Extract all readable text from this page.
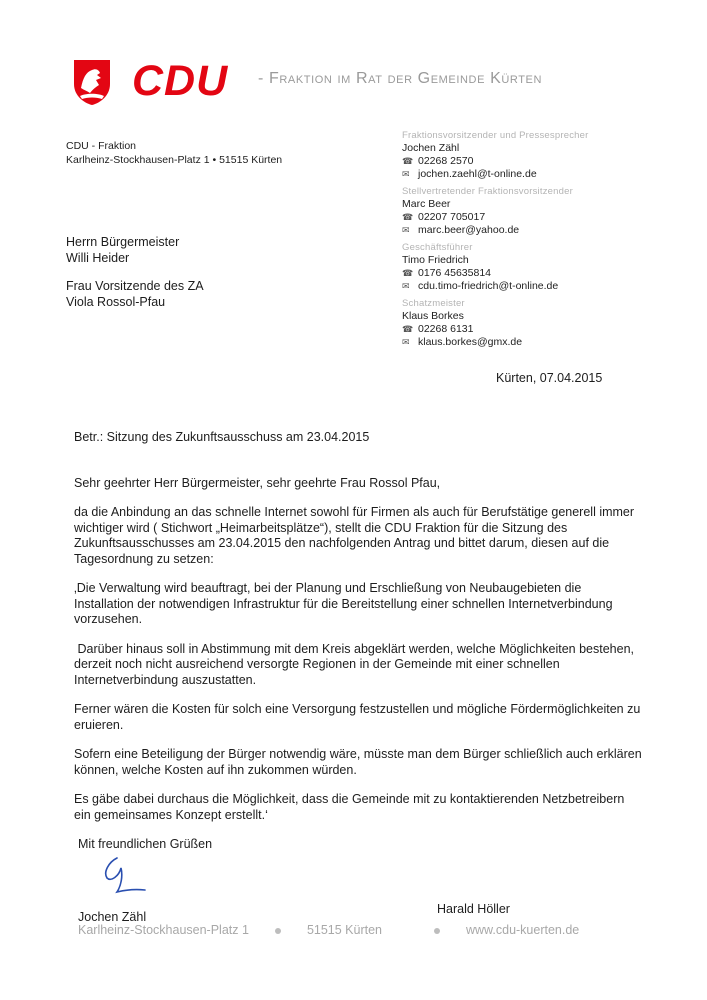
CDU - Fraktion im Rat der Gemeinde Kürten
CDU - Fraktion
Karlheinz-Stockhausen-Platz 1 • 51515 Kürten
Herrn Bürgermeister
Willi Heider
Frau Vorsitzende des ZA
Viola Rossol-Pfau
Fraktionsvorsitzender und Pressesprecher
Jochen Zähl
☎ 02268 2570
✉ jochen.zaehl@t-online.de
Stellvertretender Fraktionsvorsitzender
Marc Beer
☎ 02207 705017
✉ marc.beer@yahoo.de
Geschäftsführer
Timo Friedrich
☎ 0176 45635814
✉ cdu.timo-friedrich@t-online.de
Schatzmeister
Klaus Borkes
☎ 02268 6131
✉ klaus.borkes@gmx.de
Kürten, 07.04.2015

Betr.: Sitzung des Zukunftsausschuss am 23.04.2015

Sehr geehrter Herr Bürgermeister, sehr geehrte Frau Rossol Pfau,

da die Anbindung an das schnelle Internet sowohl für Firmen als auch für Berufstätige generell immer wichtiger wird ( Stichwort „Heimarbeitsplätze“), stellt die CDU Fraktion für die Sitzung des Zukunftsausschusses am 23.04.2015 den nachfolgenden Antrag und bittet darum, diesen auf die Tagesordnung zu setzen:

‚Die Verwaltung wird beauftragt, bei der Planung und Erschließung von Neubaugebieten die Installation der notwendigen Infrastruktur für die Bereitstellung einer schnellen Internetverbindung vorzusehen.

Darüber hinaus soll in Abstimmung mit dem Kreis abgeklärt werden, welche Möglichkeiten bestehen, derzeit noch nicht ausreichend versorgte Regionen in der Gemeinde mit einer schnellen Internetverbindung auszustatten.

Ferner wären die Kosten für solch eine Versorgung festzustellen und mögliche Fördermöglichkeiten zu eruieren.

Sofern eine Beteiligung der Bürger notwendig wäre, müsste man dem Bürger schließlich auch erklären können, welche Kosten auf ihn zukommen würden.

Es gäbe dabei durchaus die Möglichkeit, dass die Gemeinde mit zu kontaktierenden Netzbetreibern ein gemeinsames Konzept erstellt.‘

Mit freundlichen Grüßen

Jochen Zähl
Harald Höller
Karlheinz-Stockhausen-Platz 1	51515 Kürten	www.cdu-kuerten.de
